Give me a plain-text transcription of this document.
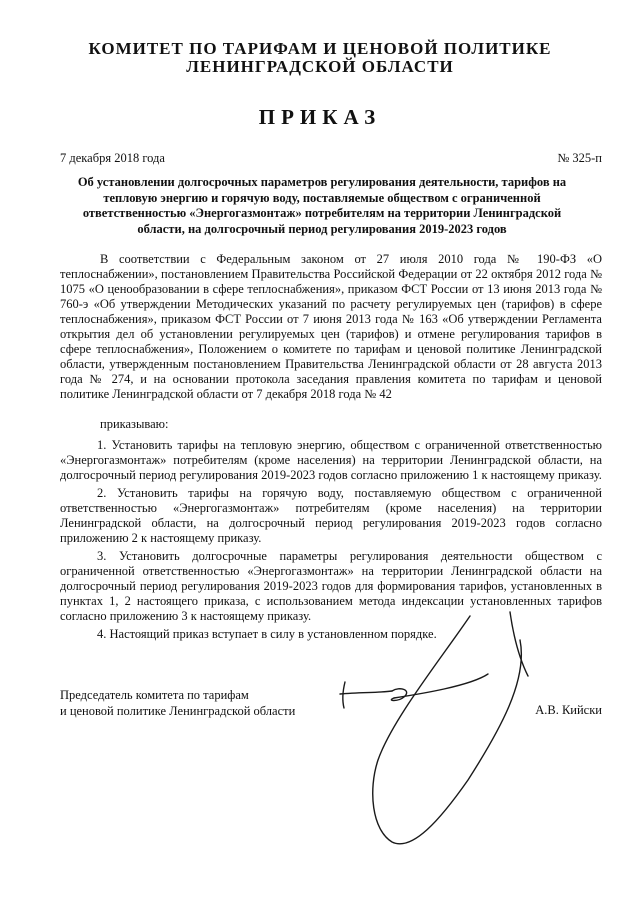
КОМИТЕТ ПО ТАРИФАМ И ЦЕНОВОЙ ПОЛИТИКЕ
ЛЕНИНГРАДСКОЙ ОБЛАСТИ
ПРИКАЗ
7 декабря 2018 года	№ 325-п
Об установлении долгосрочных параметров регулирования деятельности, тарифов на тепловую энергию и горячую воду, поставляемые обществом с ограниченной ответственностью «Энергогазмонтаж» потребителям на территории Ленинградской области, на долгосрочный период регулирования 2019-2023 годов

В соответствии с Федеральным законом от 27 июля 2010 года № 190-ФЗ «О теплоснабжении», постановлением Правительства Российской Федерации от 22 октября 2012 года № 1075 «О ценообразовании в сфере теплоснабжения», приказом ФСТ России от 13 июня 2013 года № 760-э «Об утверждении Методических указаний по расчету регулируемых цен (тарифов) в сфере теплоснабжения», приказом ФСТ России от 7 июня 2013 года № 163 «Об утверждении Регламента открытия дел об установлении регулируемых цен (тарифов) и отмене регулирования тарифов в сфере теплоснабжения», Положением о комитете по тарифам и ценовой политике Ленинградской области, утвержденным постановлением Правительства Ленинградской области от 28 августа 2013 года № 274, и на основании протокола заседания правления комитета по тарифам и ценовой политике Ленинградской области от 7 декабря 2018 года № 42

приказываю:

1. Установить тарифы на тепловую энергию, обществом с ограниченной ответственностью «Энергогазмонтаж» потребителям (кроме населения) на территории Ленинградской области, на долгосрочный период регулирования 2019-2023 годов согласно приложению 1 к настоящему приказу.

2. Установить тарифы на горячую воду, поставляемую обществом с ограниченной ответственностью «Энергогазмонтаж» потребителям (кроме населения) на территории Ленинградской области, на долгосрочный период регулирования 2019-2023 годов согласно приложению 2 к настоящему приказу.

3. Установить долгосрочные параметры регулирования деятельности обществом с ограниченной ответственностью «Энергогазмонтаж» на территории Ленинградской области на долгосрочный период регулирования 2019-2023 годов для формирования тарифов, установленных в пунктах 1, 2 настоящего приказа, с использованием метода индексации установленных тарифов согласно приложению 3 к настоящему приказу.

4. Настоящий приказ вступает в силу в установленном порядке.

Председатель комитета по тарифам
и ценовой политике Ленинградской области	А.В. Кийски
